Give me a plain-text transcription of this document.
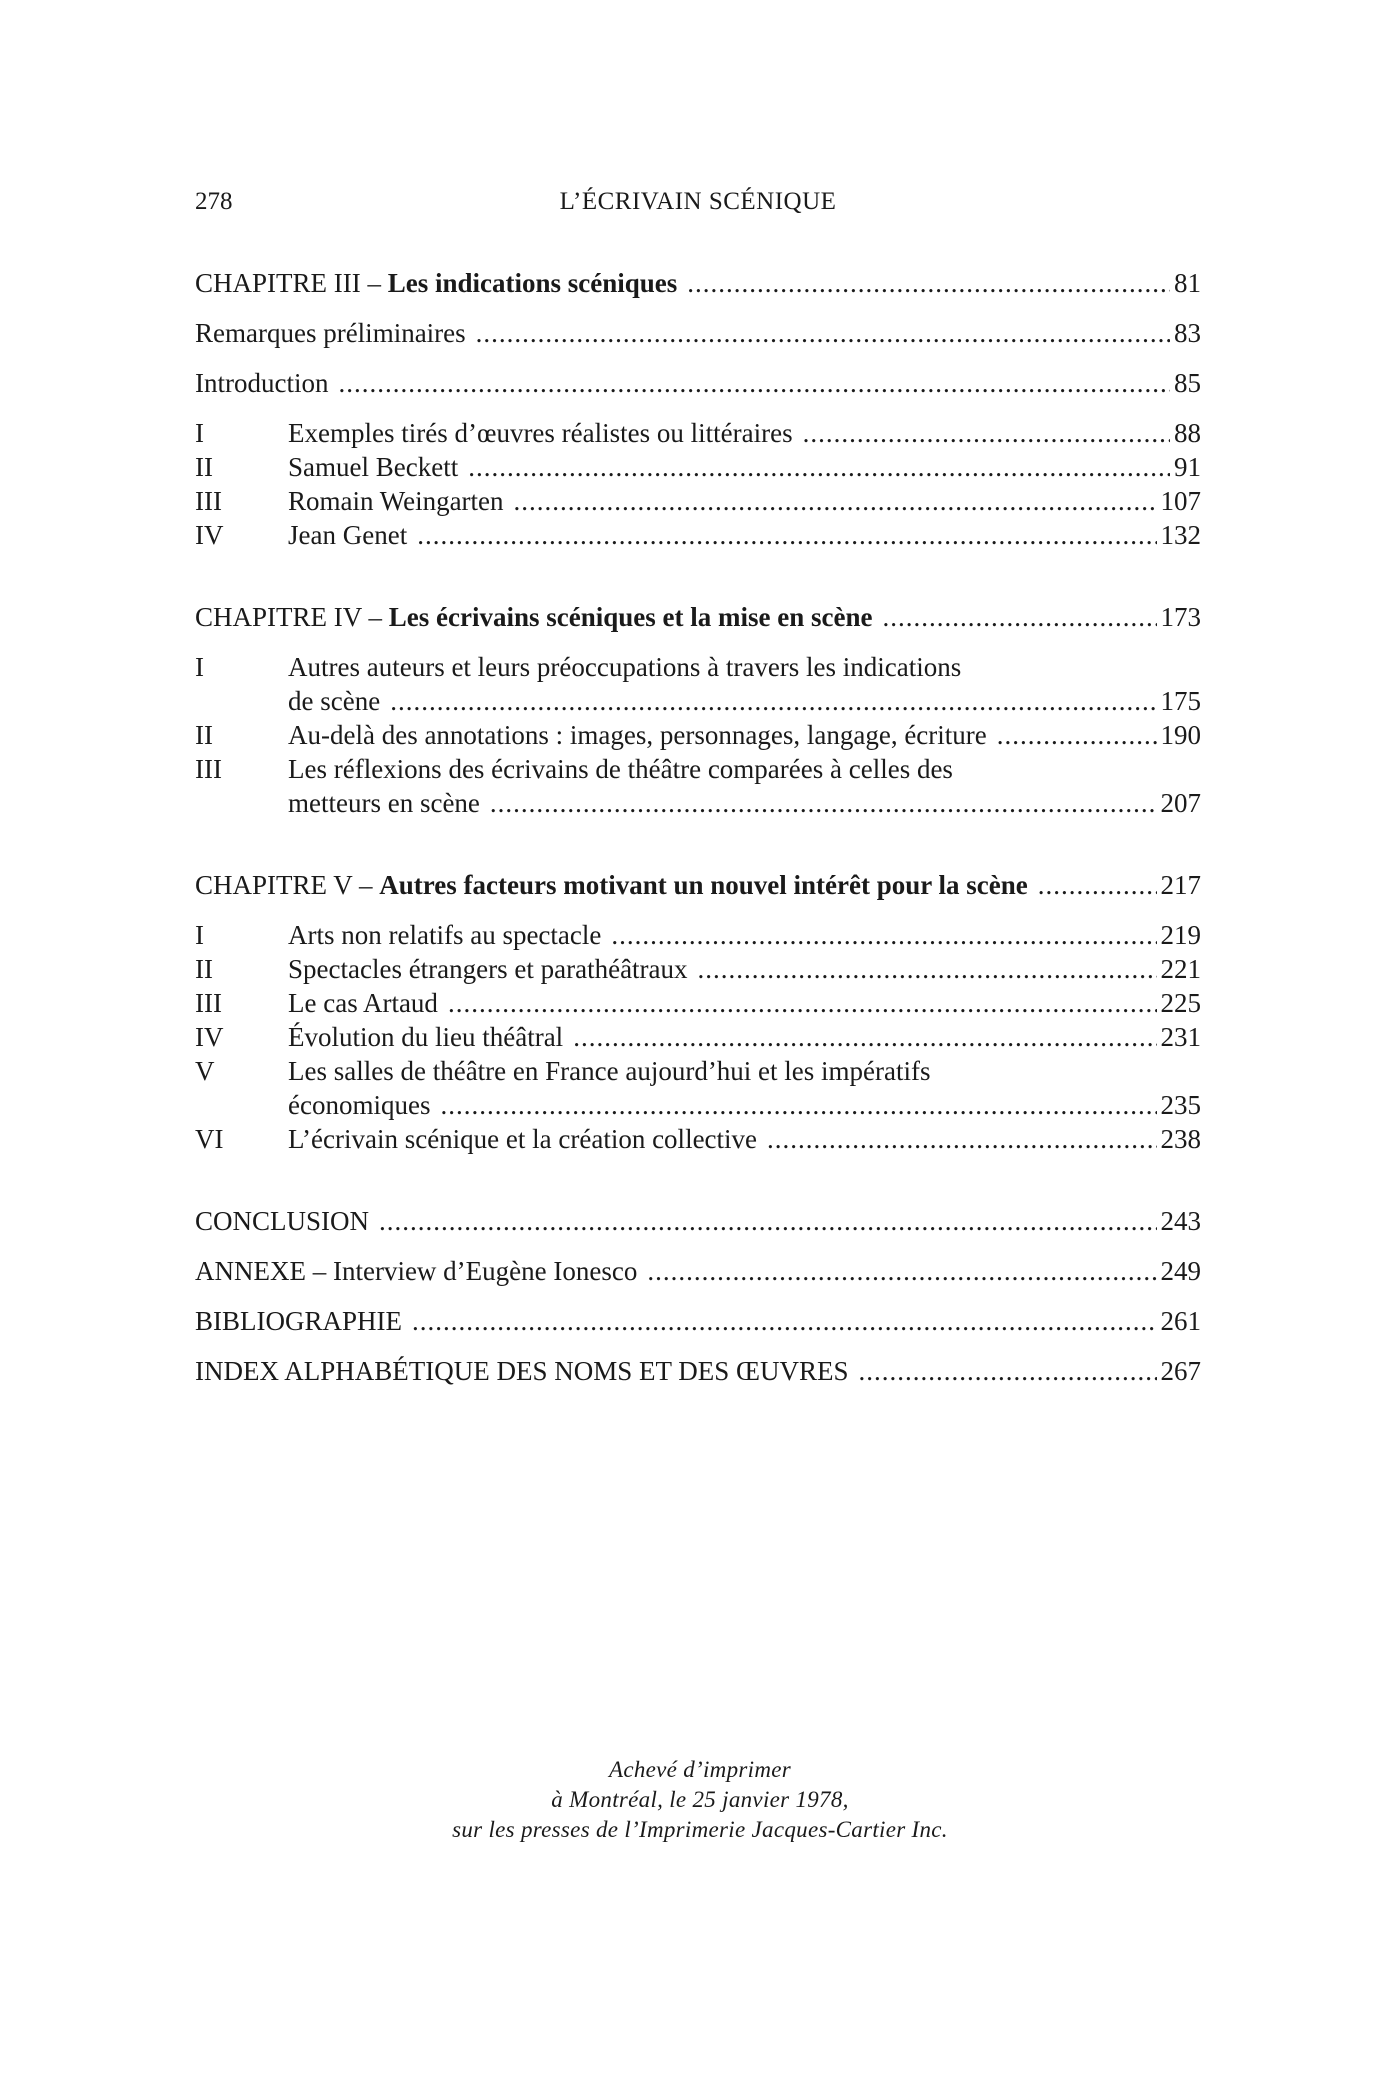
278	L’ÉCRIVAIN SCÉNIQUE
CHAPITRE III – Les indications scéniques .....	81
Remarques préliminaires .....	83
Introduction .....	85
I	Exemples tirés d’œuvres réalistes ou littéraires .....	88
II	Samuel Beckett .....	91
III	Romain Weingarten .....	107
IV	Jean Genet .....	132
CHAPITRE IV – Les écrivains scéniques et la mise en scène .....	173
I	Autres auteurs et leurs préoccupations à travers les indications
de scène .....	175
II	Au-delà des annotations : images, personnages, langage, écriture .....	190
III	Les réflexions des écrivains de théâtre comparées à celles des
metteurs en scène .....	207
CHAPITRE V – Autres facteurs motivant un nouvel intérêt pour la scène .....	217
I	Arts non relatifs au spectacle .....	219
II	Spectacles étrangers et parathéâtraux .....	221
III	Le cas Artaud .....	225
IV	Évolution du lieu théâtral .....	231
V	Les salles de théâtre en France aujourd’hui et les impératifs
économiques .....	235
VI	L’écrivain scénique et la création collective .....	238
CONCLUSION .....	243
ANNEXE – Interview d’Eugène Ionesco .....	249
BIBLIOGRAPHIE .....	261
INDEX ALPHABÉTIQUE DES NOMS ET DES ŒUVRES .....	267
Achevé d’imprimer
à Montréal, le 25 janvier 1978,
sur les presses de l’Imprimerie Jacques-Cartier Inc.
